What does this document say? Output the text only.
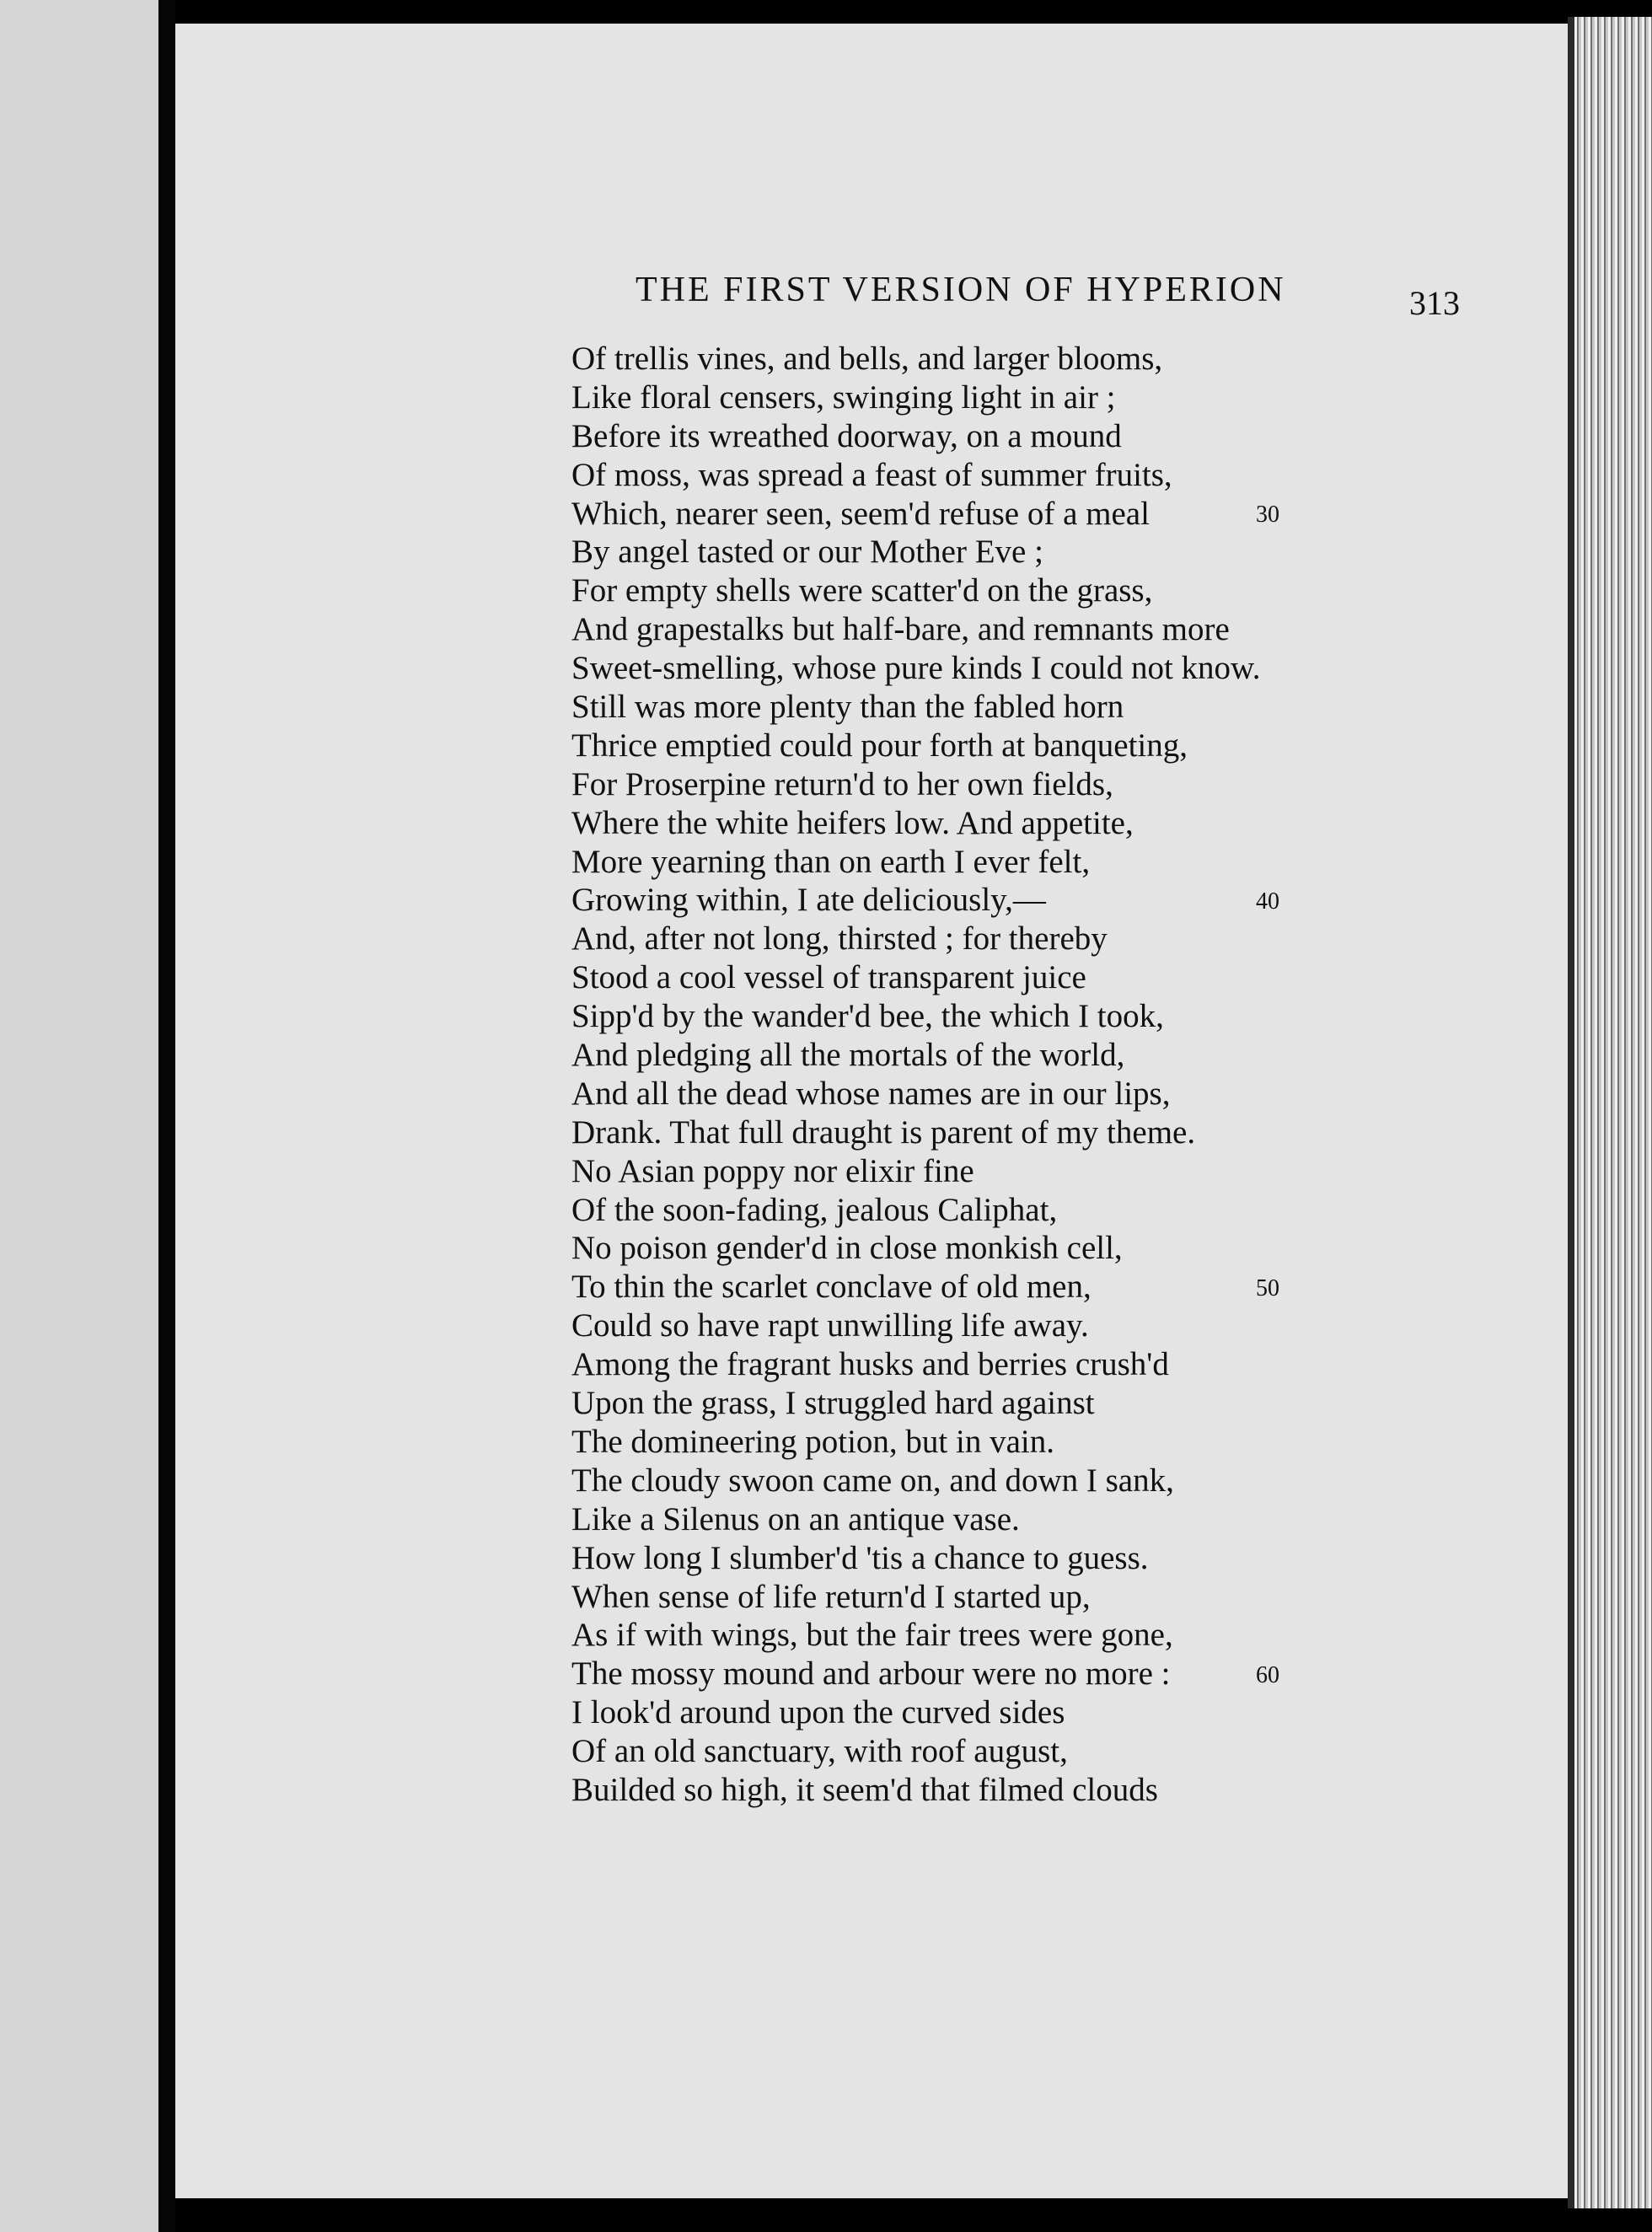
THE FIRST VERSION OF HYPERION	313
Of trellis vines, and bells, and larger blooms,
Like floral censers, swinging light in air ;
Before its wreathed doorway, on a mound
Of moss, was spread a feast of summer fruits,
Which, nearer seen, seem'd refuse of a meal
By angel tasted or our Mother Eve ;
For empty shells were scatter'd on the grass,
And grapestalks but half-bare, and remnants more
Sweet-smelling, whose pure kinds I could not know.
Still was more plenty than the fabled horn
Thrice emptied could pour forth at banqueting,
For Proserpine return'd to her own fields,
Where the white heifers low. And appetite,
More yearning than on earth I ever felt,
Growing within, I ate deliciously,—
And, after not long, thirsted ; for thereby
Stood a cool vessel of transparent juice
Sipp'd by the wander'd bee, the which I took,
And pledging all the mortals of the world,
And all the dead whose names are in our lips,
Drank. That full draught is parent of my theme.
No Asian poppy nor elixir fine
Of the soon-fading, jealous Caliphat,
No poison gender'd in close monkish cell,
To thin the scarlet conclave of old men,
Could so have rapt unwilling life away.
Among the fragrant husks and berries crush'd
Upon the grass, I struggled hard against
The domineering potion, but in vain.
The cloudy swoon came on, and down I sank,
Like a Silenus on an antique vase.
How long I slumber'd 'tis a chance to guess.
When sense of life return'd I started up,
As if with wings, but the fair trees were gone,
The mossy mound and arbour were no more :
I look'd around upon the curved sides
Of an old sanctuary, with roof august,
Builded so high, it seem'd that filmed clouds
30
40
50
60
